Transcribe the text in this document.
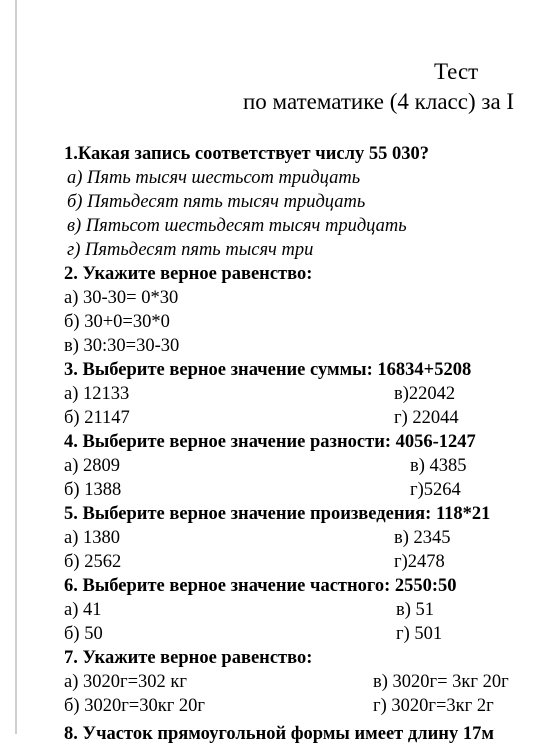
Тест
по математике (4 класс) за I
1.Какая запись соответствует числу 55 030?
а) Пять тысяч шестьсот тридцать
б) Пятьдесят пять тысяч тридцать
в) Пятьсот шестьдесят тысяч тридцать
г) Пятьдесят пять тысяч три
2. Укажите верное равенство:
а) 30-30= 0*30
б) 30+0=30*0
в) 30:30=30-30
3. Выберите верное значение суммы: 16834+5208
а) 12133	в)22042
б) 21147	г) 22044
4. Выберите верное значение разности: 4056-1247
а) 2809	в) 4385
б) 1388	г)5264
5. Выберите верное значение произведения: 118*21
а) 1380	в) 2345
б) 2562	г)2478
6. Выберите верное значение частного: 2550:50
а) 41	в) 51
б) 50	г) 501
7. Укажите верное равенство:
а) 3020г=302 кг	в) 3020г= 3кг 20г
б) 3020г=30кг 20г	г) 3020г=3кг 2г
8. Участок прямоугольной формы имеет длину 17м
